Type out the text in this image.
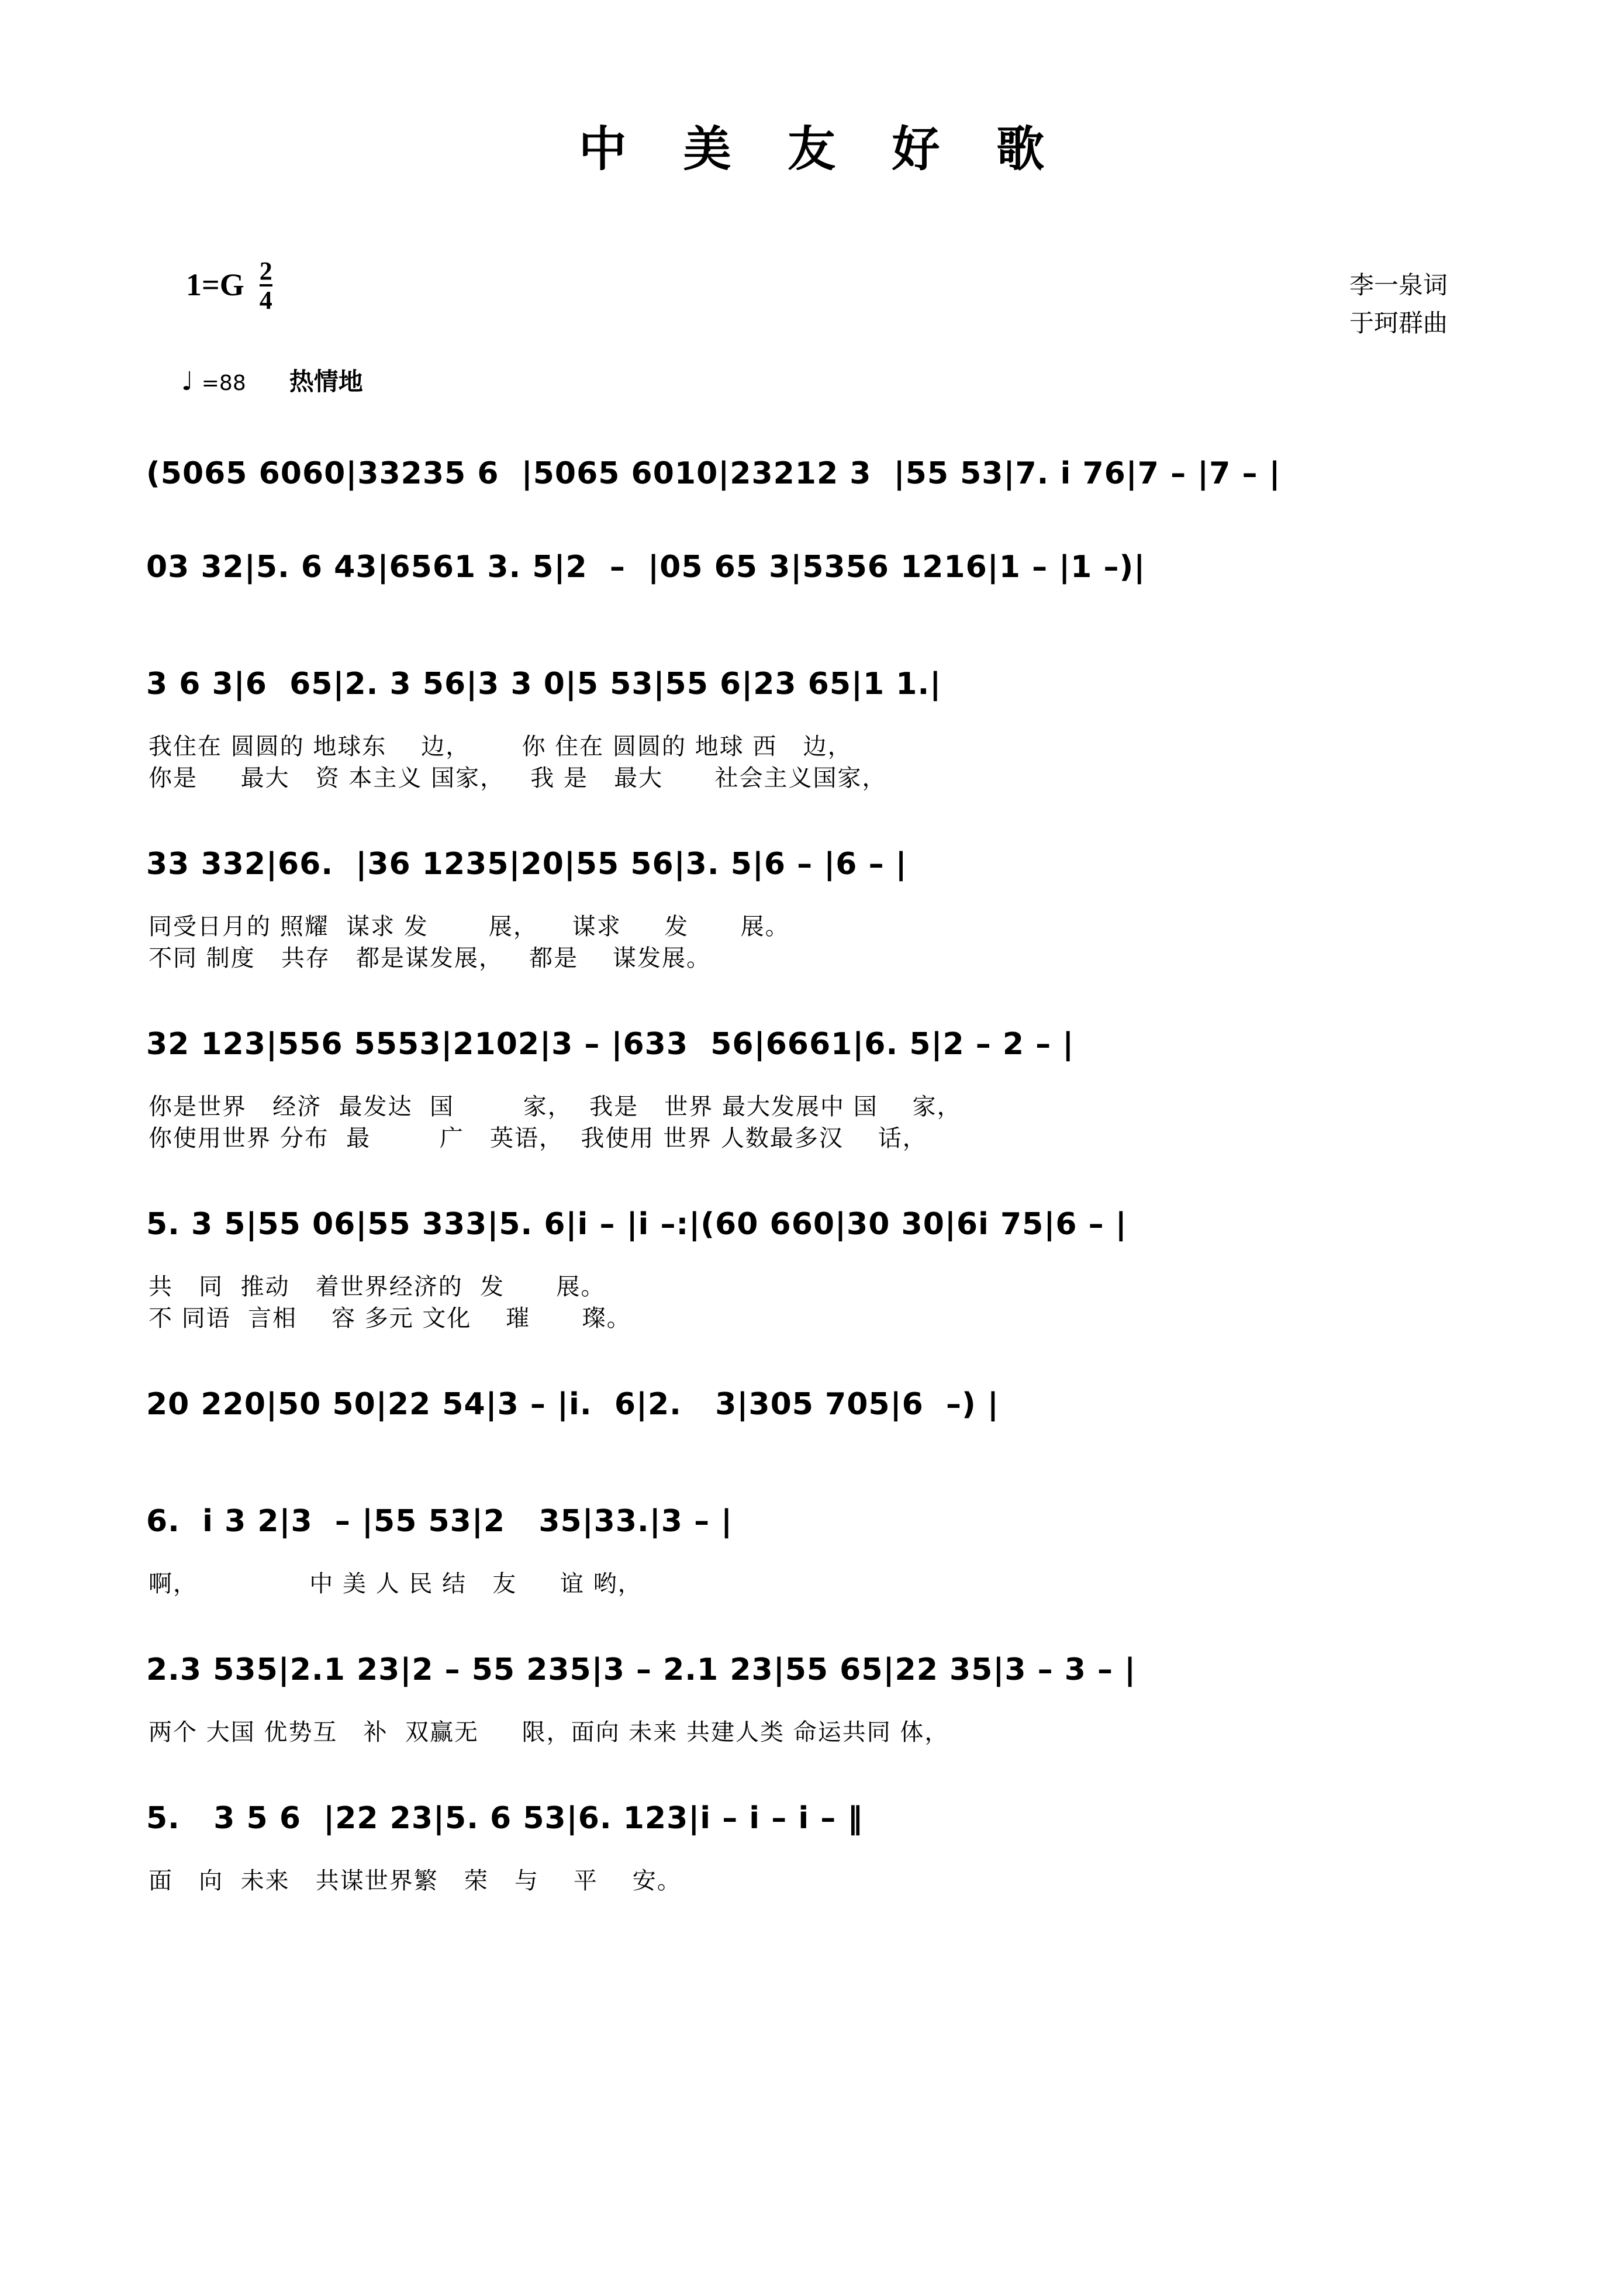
中 美 友 好 歌
$1=G \frac{2}{4}$	李一泉词
于珂群曲
♩ =88 热情地
(5065 6060|33235 6  |5065 6010|23212 3  |55 53|7. i 76|7 – |7 – |
03 32|5. 6 43|6561 3. 5|2  –  |05 65 3|5356 1216|1 – |1 –)|
3 6 3|6  65|2. 3 56|3 3 0|5 53|55 6|23 65|1 1.|
我住在 圆圆的 地球东    边，      你 住在 圆圆的 地球 西   边，
你是     最大   资 本主义 国家，   我 是   最大      社会主义国家，
33 332|66.  |36 1235|20|55 56|3. 5|6 – |6 – |
同受日月的 照耀  谋求 发       展，    谋求     发      展。
不同 制度   共存   都是谋发展，   都是    谋发展。
32 123|556 5553|2102|3 – |633  56|6661|6. 5|2 – 2 – |
你是世界   经济  最发达  国        家，  我是   世界 最大发展中 国    家，
你使用世界 分布  最        广   英语，  我使用 世界 人数最多汉    话，
5. 3 5|55 06|55 333|5. 6|i – |i –:|(60 660|30 30|6i 75|6 – |
共   同  推动   着世界经济的  发      展。
不 同语  言相    容 多元 文化    璀      璨。
20 220|50 50|22 54|3 – |i.  6|2.   3|305 705|6  –) |
6.  i 3 2|3  – |55 53|2   35|33.|3 – |
啊，             中 美 人 民 结   友     谊 哟，
2.3 535|2.1 23|2 – 55 235|3 – 2.1 23|55 65|22 35|3 – 3 – |
两个 大国 优势互   补  双赢无     限，面向 未来 共建人类 命运共同 体，
5.   3 5 6  |22 23|5. 6 53|6. 123|i – i – i – ‖
面   向  未来   共谋世界繁   荣   与    平    安。
